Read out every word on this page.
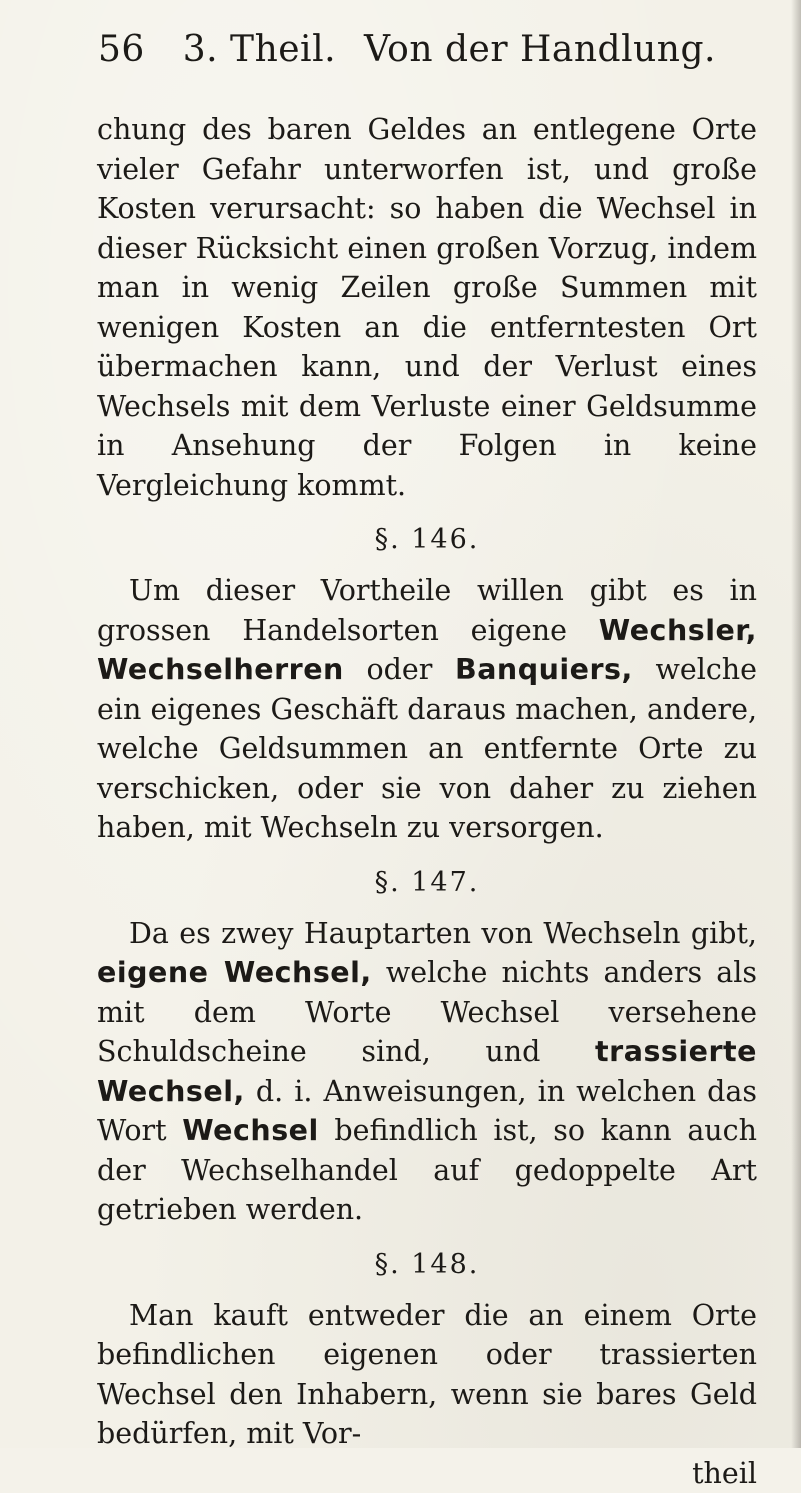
56 3. Theil. Von der Handlung.

chung des baren Geldes an entlegene Orte vieler Gefahr unterworfen ist, und große Kosten verursacht: so haben die Wechsel in dieser Rücksicht einen großen Vorzug, indem man in wenig Zeilen große Summen mit wenigen Kosten an die entferntesten Ort übermachen kann, und der Verlust eines Wechsels mit dem Verluste einer Geldsumme in Ansehung der Folgen in keine Vergleichung kommt.

§. 146.

Um dieser Vortheile willen gibt es in grossen Handelsorten eigene Wechsler, Wechselherren oder Banquiers, welche ein eigenes Geschäft daraus machen, andere, welche Geldsummen an entfernte Orte zu verschicken, oder sie von daher zu ziehen haben, mit Wechseln zu versorgen.

§. 147.

Da es zwey Hauptarten von Wechseln gibt, eigene Wechsel, welche nichts anders als mit dem Worte Wechsel versehene Schuldscheine sind, und trassierte Wechsel, d. i. Anweisungen, in welchen das Wort Wechsel befindlich ist, so kann auch der Wechselhandel auf gedoppelte Art getrieben werden.

§. 148.

Man kauft entweder die an einem Orte befindlichen eigenen oder trassierten Wechsel den Inhabern, wenn sie bares Geld bedürfen, mit Vor-

theil
